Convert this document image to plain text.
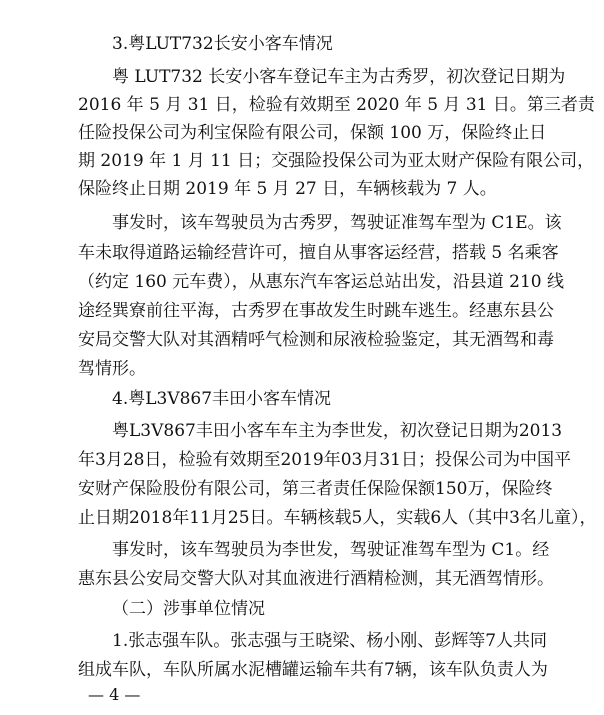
3.粤LUT732长安小客车情况
粤 LUT732 长安小客车登记车主为古秀罗，初次登记日期为
2016 年 5 月 31 日，检验有效期至 2020 年 5 月 31 日。第三者责
任险投保公司为利宝保险有限公司，保额 100 万，保险终止日
期 2019 年 1 月 11 日；交强险投保公司为亚太财产保险有限公司，
保险终止日期 2019 年 5 月 27 日，车辆核载为 7 人。
事发时，该车驾驶员为古秀罗，驾驶证准驾车型为 C1E。该
车未取得道路运输经营许可，擅自从事客运经营，搭载 5 名乘客
（约定 160 元车费），从惠东汽车客运总站出发，沿县道 210 线
途经巽寮前往平海，古秀罗在事故发生时跳车逃生。经惠东县公
安局交警大队对其酒精呼气检测和尿液检验鉴定，其无酒驾和毒
驾情形。
4.粤L3V867丰田小客车情况
粤L3V867丰田小客车车主为李世发，初次登记日期为2013
年3月28日，检验有效期至2019年03月31日；投保公司为中国平
安财产保险股份有限公司，第三者责任保险保额150万，保险终
止日期2018年11月25日。车辆核载5人，实载6人（其中3名儿童），
事发时，该车驾驶员为李世发，驾驶证准驾车型为 C1。经
惠东县公安局交警大队对其血液进行酒精检测，其无酒驾情形。
（二）涉事单位情况
1.张志强车队。张志强与王晓梁、杨小刚、彭辉等7人共同
组成车队，车队所属水泥槽罐运输车共有7辆，该车队负责人为
— 4 —
